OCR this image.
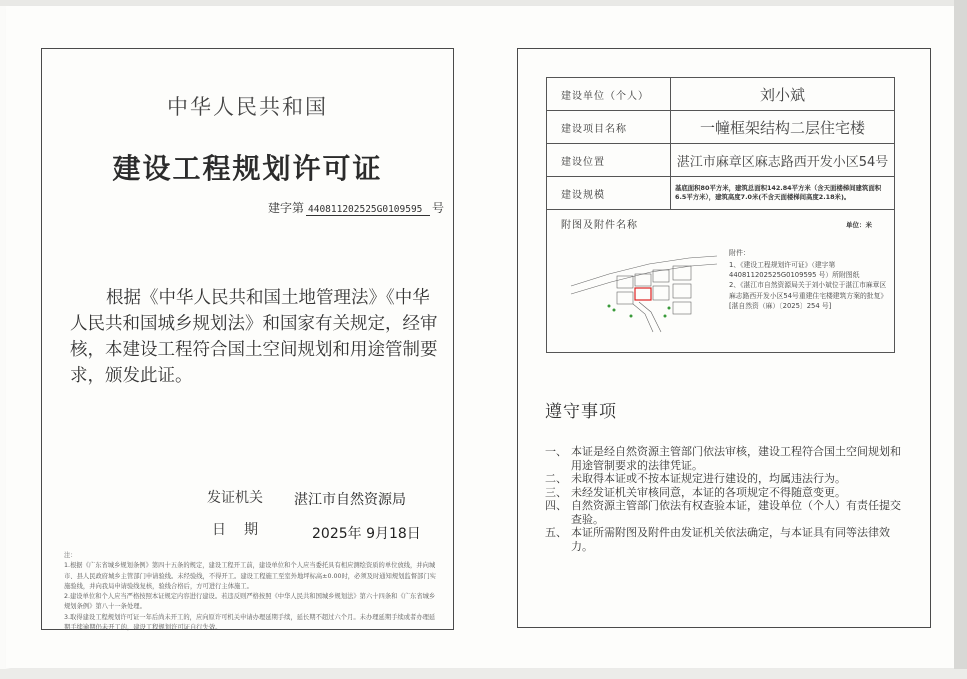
中华人民共和国
建设工程规划许可证
建字第 440811202525G0109595 号
根据《中华人民共和国土地管理法》《中华人民共和国城乡规划法》和国家有关规定，经审核，本建设工程符合国土空间规划和用途管制要求，颁发此证。
发证机关 湛江市自然资源局
日期	2025年 9月18日
注：
1.根据《广东省城乡规划条例》第四十五条的规定，建设工程开工前，建设单位和个人应当委托具有相应测绘资质的单位放线，并向城市、县人民政府城乡主管部门申请验线。未经验线，不得开工。建设工程施工至室外地坪标高±0.00时，必须及时通知规划监督部门实施验线，并向我局申请验线复核，验线合格后，方可进行主体施工。
2.建设单位和个人应当严格按照本证规定内容进行建设。若违反则严格按照《中华人民共和国城乡规划法》第六十四条和《广东省城乡规划条例》第八十一条处理。
3.取得建设工程规划许可证一年后尚未开工的，应向原许可机关申请办理延期手续，延长期不超过六个月。未办理延期手续或者办理延期手续逾期仍未开工的，建设工程规划许可证自行失效。
建设单位（个人）	刘小斌
建设项目名称	一幢框架结构二层住宅楼
建设位置	湛江市麻章区麻志路西开发小区54号
建设规模	基底面积80平方米，建筑总面积142.84平方米（含天面楼梯间建筑面积6.5平方米），建筑高度7.0米(不含天面楼梯间高度2.18米)。

附图及附件名称 单位：米
附件：
1、《建设工程规划许可证》（建字第440811202525G0109595 号）所附图纸
2、《湛江市自然资源局关于刘小斌位于湛江市麻章区麻志路西开发小区54号重建住宅楼建筑方案的批复》[湛自然资（麻）〔2025〕254 号]	
遵守事项
一、 本证是经自然资源主管部门依法审核，建设工程符合国土空间规划和用途管制要求的法律凭证。
二、 未取得本证或不按本证规定进行建设的，均属违法行为。
三、 未经发证机关审核同意，本证的各项规定不得随意变更。
四、 自然资源主管部门依法有权查验本证，建设单位（个人）有责任提交查验。
五、 本证所需附图及附件由发证机关依法确定，与本证具有同等法律效力。
